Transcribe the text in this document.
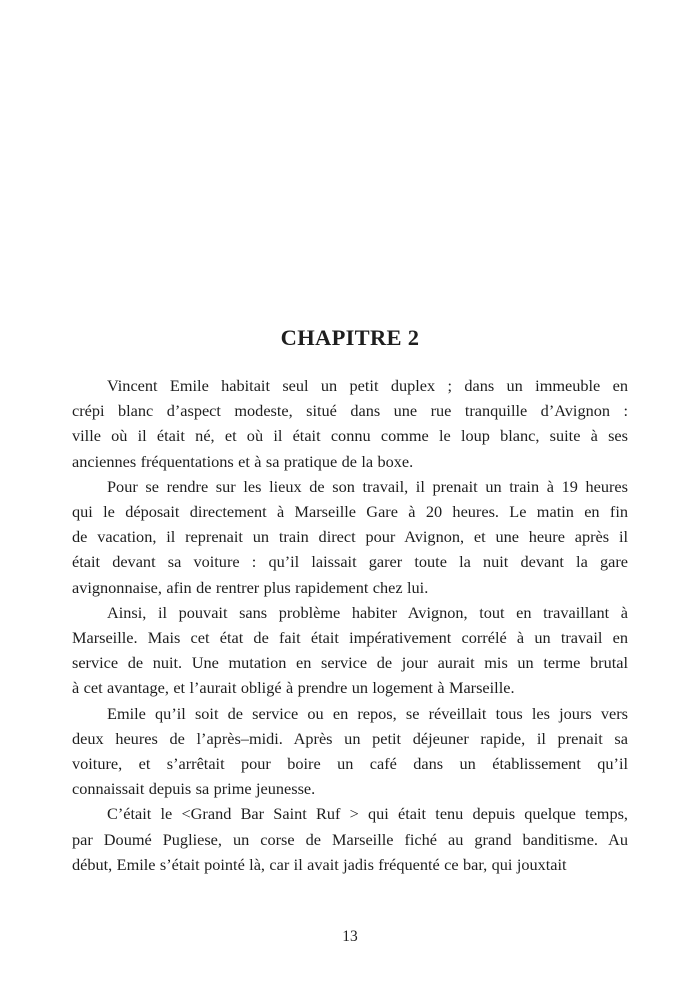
CHAPITRE 2

Vincent Emile habitait seul un petit duplex ; dans un immeuble en
crépi blanc d’aspect modeste, situé dans une rue tranquille d’Avignon :
ville où il était né, et où il était connu comme le loup blanc, suite à ses
anciennes fréquentations et à sa pratique de la boxe.

Pour se rendre sur les lieux de son travail, il prenait un train à 19 heures
qui le déposait directement à Marseille Gare à 20 heures. Le matin en fin
de vacation, il reprenait un train direct pour Avignon, et une heure après il
était devant sa voiture : qu’il laissait garer toute la nuit devant la gare
avignonnaise, afin de rentrer plus rapidement chez lui.

Ainsi, il pouvait sans problème habiter Avignon, tout en travaillant à
Marseille. Mais cet état de fait était impérativement corrélé à un travail en
service de nuit. Une mutation en service de jour aurait mis un terme brutal
à cet avantage, et l’aurait obligé à prendre un logement à Marseille.

Emile qu’il soit de service ou en repos, se réveillait tous les jours vers
deux heures de l’après–midi. Après un petit déjeuner rapide, il prenait sa
voiture, et s’arrêtait pour boire un café dans un établissement qu’il
connaissait depuis sa prime jeunesse.

C’était le <Grand Bar Saint Ruf > qui était tenu depuis quelque temps,
par Doumé Pugliese, un corse de Marseille fiché au grand banditisme. Au
début, Emile s’était pointé là, car il avait jadis fréquenté ce bar, qui jouxtait

13
